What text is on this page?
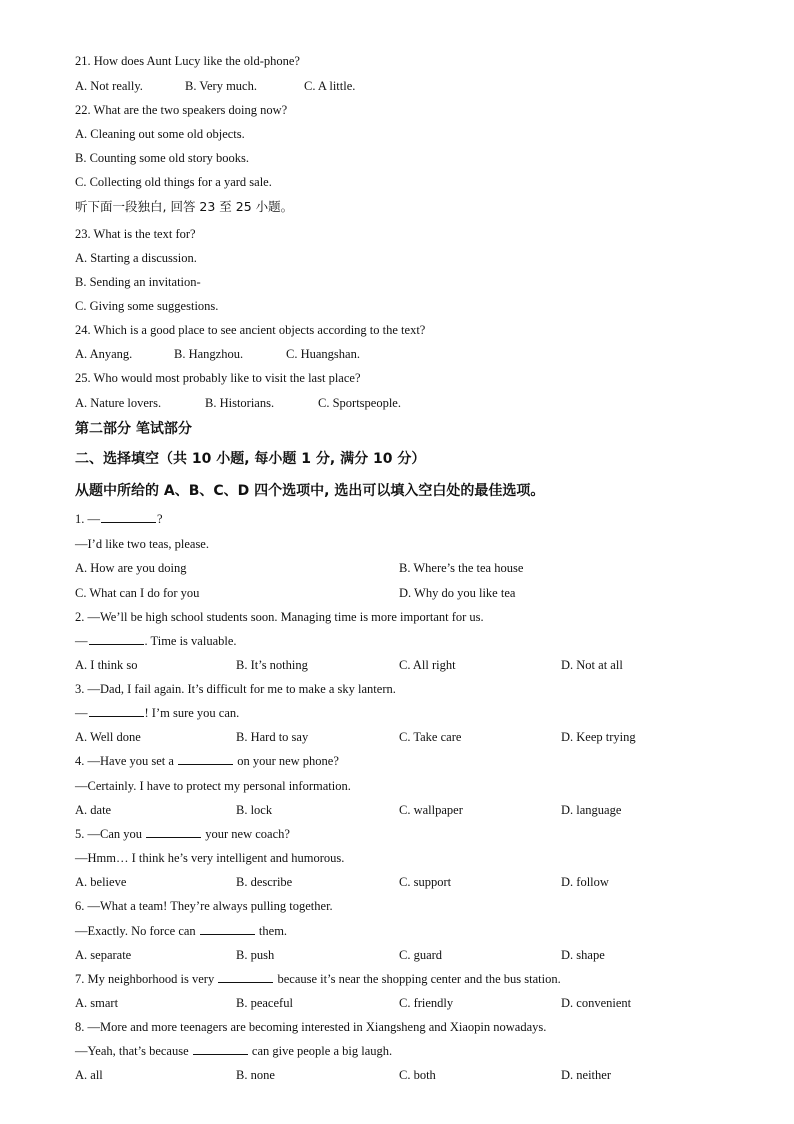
21. How does Aunt Lucy like the old-phone?
A. Not really.	B. Very much.	C. A little.
22. What are the two speakers doing now?
A. Cleaning out some old objects.
B. Counting some old story books.
C. Collecting old things for a yard sale.
听下面一段独白, 回答 23 至 25 小题。
23. What is the text for?
A. Starting a discussion.
B. Sending an invitation-
C. Giving some suggestions.
24. Which is a good place to see ancient objects according to the text?
A. Anyang.	B. Hangzhou.	C. Huangshan.
25. Who would most probably like to visit the last place?
A. Nature lovers.	B. Historians.	C. Sportspeople.
第二部分 笔试部分
二、选择填空（共 10 小题, 每小题 1 分, 满分 10 分）
从题中所给的 A、B、C、D 四个选项中, 选出可以填入空白处的最佳选项。
1. —	?
—I’d like two teas, please.
A. How are you doing	B. Where’s the tea house
C. What can I do for you	D. Why do you like tea
2. —We’ll be high school students soon. Managing time is more important for us.
—	. Time is valuable.
A. I think so	B. It’s nothing	C. All right	D. Not at all
3. —Dad, I fail again. It’s difficult for me to make a sky lantern.
—	! I’m sure you can.
A. Well done	B. Hard to say	C. Take care	D. Keep trying
4. —Have you set a	on your new phone?
—Certainly. I have to protect my personal information.
A. date	B. lock	C. wallpaper	D. language
5. —Can you	your new coach?
—Hmm… I think he’s very intelligent and humorous.
A. believe	B. describe	C. support	D. follow
6. —What a team! They’re always pulling together.
—Exactly. No force can	them.
A. separate	B. push	C. guard	D. shape
7. My neighborhood is very	because it’s near the shopping center and the bus station.
A. smart	B. peaceful	C. friendly	D. convenient
8. —More and more teenagers are becoming interested in Xiangsheng and Xiaopin nowadays.
—Yeah, that’s because	can give people a big laugh.
A. all	B. none	C. both	D. neither
